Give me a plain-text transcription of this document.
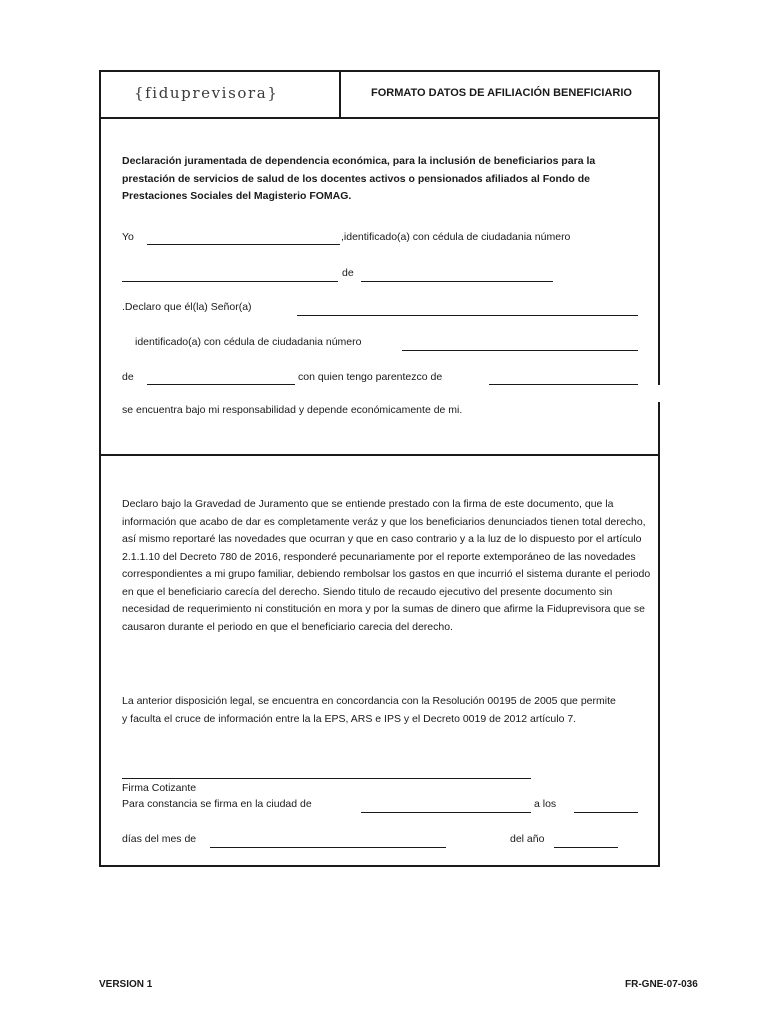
{fiduprevisora}	FORMATO DATOS DE AFILIACIÓN BENEFICIARIO
Declaración juramentada de dependencia económica, para la inclusión de beneficiarios para la prestación de servicios de salud de los docentes activos o pensionados afiliados al Fondo de Prestaciones Sociales del Magisterio FOMAG.
Yo	,identificado(a) con cédula de ciudadania número
de
.Declaro que él(la) Señor(a)
identificado(a) con cédula de ciudadania número
de	con quien tengo parentezco de
se encuentra bajo mi responsabilidad y depende económicamente de mi.
Declaro bajo la Gravedad de Juramento que se entiende prestado con la firma de este documento, que la información que acabo de dar es completamente veráz y que los beneficiarios denunciados tienen total derecho, así mismo reportaré las novedades que ocurran y que en caso contrario y a la luz de lo dispuesto por el artículo 2.1.1.10 del Decreto 780 de 2016, responderé pecunariamente por el reporte extemporáneo de las novedades correspondientes a mi grupo familiar, debiendo rembolsar los gastos en que incurrió el sistema durante el periodo en que el beneficiario carecía del derecho. Siendo titulo de recaudo ejecutivo del presente documento sin necesidad de requerimiento ni constitución en mora y por la sumas de dinero que afirme la Fiduprevisora que se causaron durante el periodo en que el beneficiario carecia del derecho.
La anterior disposición legal, se encuentra en concordancia con la Resolución 00195 de 2005 que permite y faculta el cruce de información entre la la EPS, ARS e IPS y el Decreto 0019 de 2012 artículo 7.
Firma Cotizante
Para constancia se firma en la ciudad de	a los
días del mes de	del año
VERSION 1	FR-GNE-07-036
